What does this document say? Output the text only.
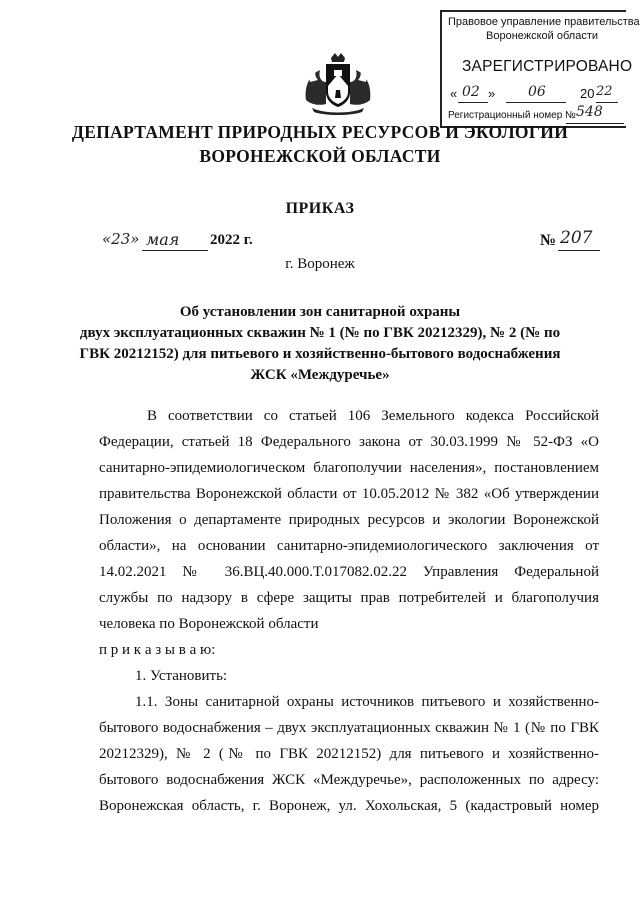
Правовое управление правительства
Воронежской области
ЗАРЕГИСТРИРОВАНО
« 02 » 06	20 22
Регистрационный номер № 548
ДЕПАРТАМЕНТ ПРИРОДНЫХ РЕСУРСОВ И ЭКОЛОГИИ
ВОРОНЕЖСКОЙ ОБЛАСТИ
ПРИКАЗ
«23» мая 2022 г.	№ 207
г. Воронеж
Об установлении зон санитарной охраны
двух эксплуатационных скважин № 1 (№ по ГВК 20212329), № 2 (№ по
ГВК 20212152) для питьевого и хозяйственно-бытового водоснабжения
ЖСК «Междуречье»
В соответствии со статьей 106 Земельного кодекса Российской
Федерации, статьей 18 Федерального закона от 30.03.1999 № 52-ФЗ «О
санитарно-эпидемиологическом благополучии населения», постановлением
правительства Воронежской области от 10.05.2012 № 382 «Об утверждении
Положения о департаменте природных ресурсов и экологии Воронежской
области», на основании санитарно-эпидемиологического заключения от
14.02.2021 № 36.ВЦ.40.000.Т.017082.02.22 Управления Федеральной
службы по надзору в сфере защиты прав потребителей и благополучия
человека по Воронежской области
п р и к а з ы в а ю:
1. Установить:
1.1. Зоны санитарной охраны источников питьевого и хозяйственно-
бытового водоснабжения – двух эксплуатационных скважин № 1 (№ по ГВК
20212329), № 2 (№ по ГВК 20212152) для питьевого и хозяйственно-
бытового водоснабжения ЖСК «Междуречье», расположенных по адресу:
Воронежская область, г. Воронеж, ул. Хохольская, 5 (кадастровый номер
